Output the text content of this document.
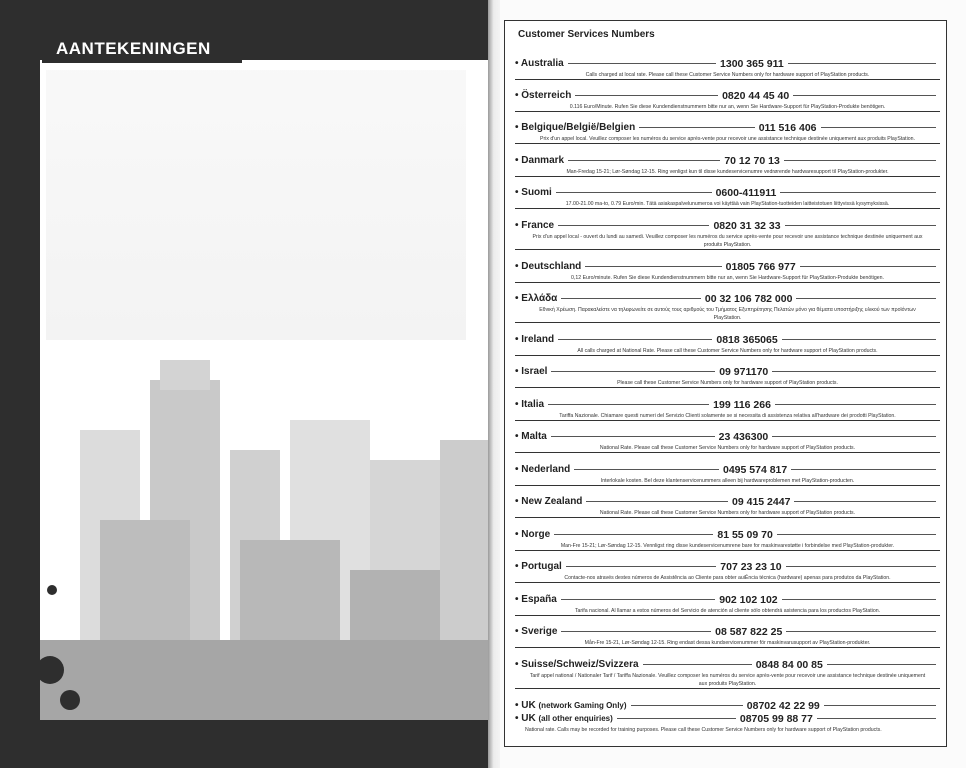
AANTEKENINGEN
Customer Services Numbers
• Australia	1300 365 911
Calls charged at local rate. Please call these Customer Service Numbers only for hardware support of PlayStation products.
• Österreich	0820 44 45 40
0.116 Euro/Minute. Rufen Sie diese Kundendienstnummern bitte nur an, wenn Sie Hardware-Support für PlayStation-Produkte benötigen.
• Belgique/België/Belgien	011 516 406
Prix d'un appel local. Veuillez composer les numéros du service après-vente pour recevoir une assistance technique destinée uniquement aux produits PlayStation.
• Danmark	70 12 70 13
Man-Fredag 15-21; Lør-Søndag 12-15. Ring venligst kun til disse kundeservicenumre vedrørende hardwaresupport til PlayStation-produkter.
• Suomi	0600-411911
17.00-21.00 ma-to, 0.79 Euro/min. Tätä asiakaspalvelunumeroa voi käyttää vain PlayStation-tuotteiden laitteistotuen liittyvissä kysymyksissä.
• France	0820 31 32 33
Prix d'un appel local - ouvert du lundi au samedi. Veuillez composer les numéros du service après-vente pour recevoir une assistance technique destinée uniquement aux produits PlayStation.
• Deutschland	01805 766 977
0,12 Euro/minute. Rufen Sie diese Kundendienstnummern bitte nur an, wenn Sie Hardware-Support für PlayStation-Produkte benötigen.
• Ελλάδα	00 32 106 782 000
Εθνική Χρέωση. Παρακαλείστε να τηλεφωνείτε σε αυτούς τους αριθμούς του Τμήματος Εξυπηρέτησης Πελατών μόνο για θέματα υποστήριξης υλικού των προϊόντων PlayStation.
• Ireland	0818 365065
All calls charged at National Rate. Please call these Customer Service Numbers only for hardware support of PlayStation products.
• Israel	09 971170
Please call these Customer Service Numbers only for hardware support of PlayStation products.
• Italia	199 116 266
Tariffa Nazionale. Chiamare questi numeri del Servizio Clienti solamente se si necessita di assistenza relativa all'hardware dei prodotti PlayStation.
• Malta	23 436300
National Rate. Please call these Customer Service Numbers only for hardware support of PlayStation products.
• Nederland	0495 574 817
Interlokale kosten. Bel deze klantenservicenummers alleen bij hardwareproblemen met PlayStation-producten.
• New Zealand	09 415 2447
National Rate. Please call these Customer Service Numbers only for hardware support of PlayStation products.
• Norge	81 55 09 70
Man-Fre 15-21; Lør-Søndag 12-15. Vennligst ring disse kundeservicenumrene bare for maskinvarestøtte i forbindelse med PlayStation-produkter.
• Portugal	707 23 23 10
Contacte-nos através destes números de Assistência ao Cliente para obter auiÊncia técnica (hardware) apenas para produtos da PlayStation.
• España	902 102 102
Tarifa nacional. Al llamar a estos números del Servicio de atención al cliente sólo obtendrá asistencia para los productos PlayStation.
• Sverige	08 587 822 25
Mån-Fre 15-21, Lør-Søndag 12-15. Ring endast dessa kundservicenummer för maskinvarusupport av PlayStation-produkter.
• Suisse/Schweiz/Svizzera	0848 84 00 85
Tarif appel national / Nationaler Tarif / Tariffa Nazionale. Veuillez composer les numéros du service après-vente pour recevoir une assistance technique destinée uniquement aux produits PlayStation.
• UK (network Gaming Only)	08702 42 22 99
• UK (all other enquiries)	08705 99 88 77
National rate. Calls may be recorded for training purposes. Please call these Customer Service Numbers only for hardware support of PlayStation products.
